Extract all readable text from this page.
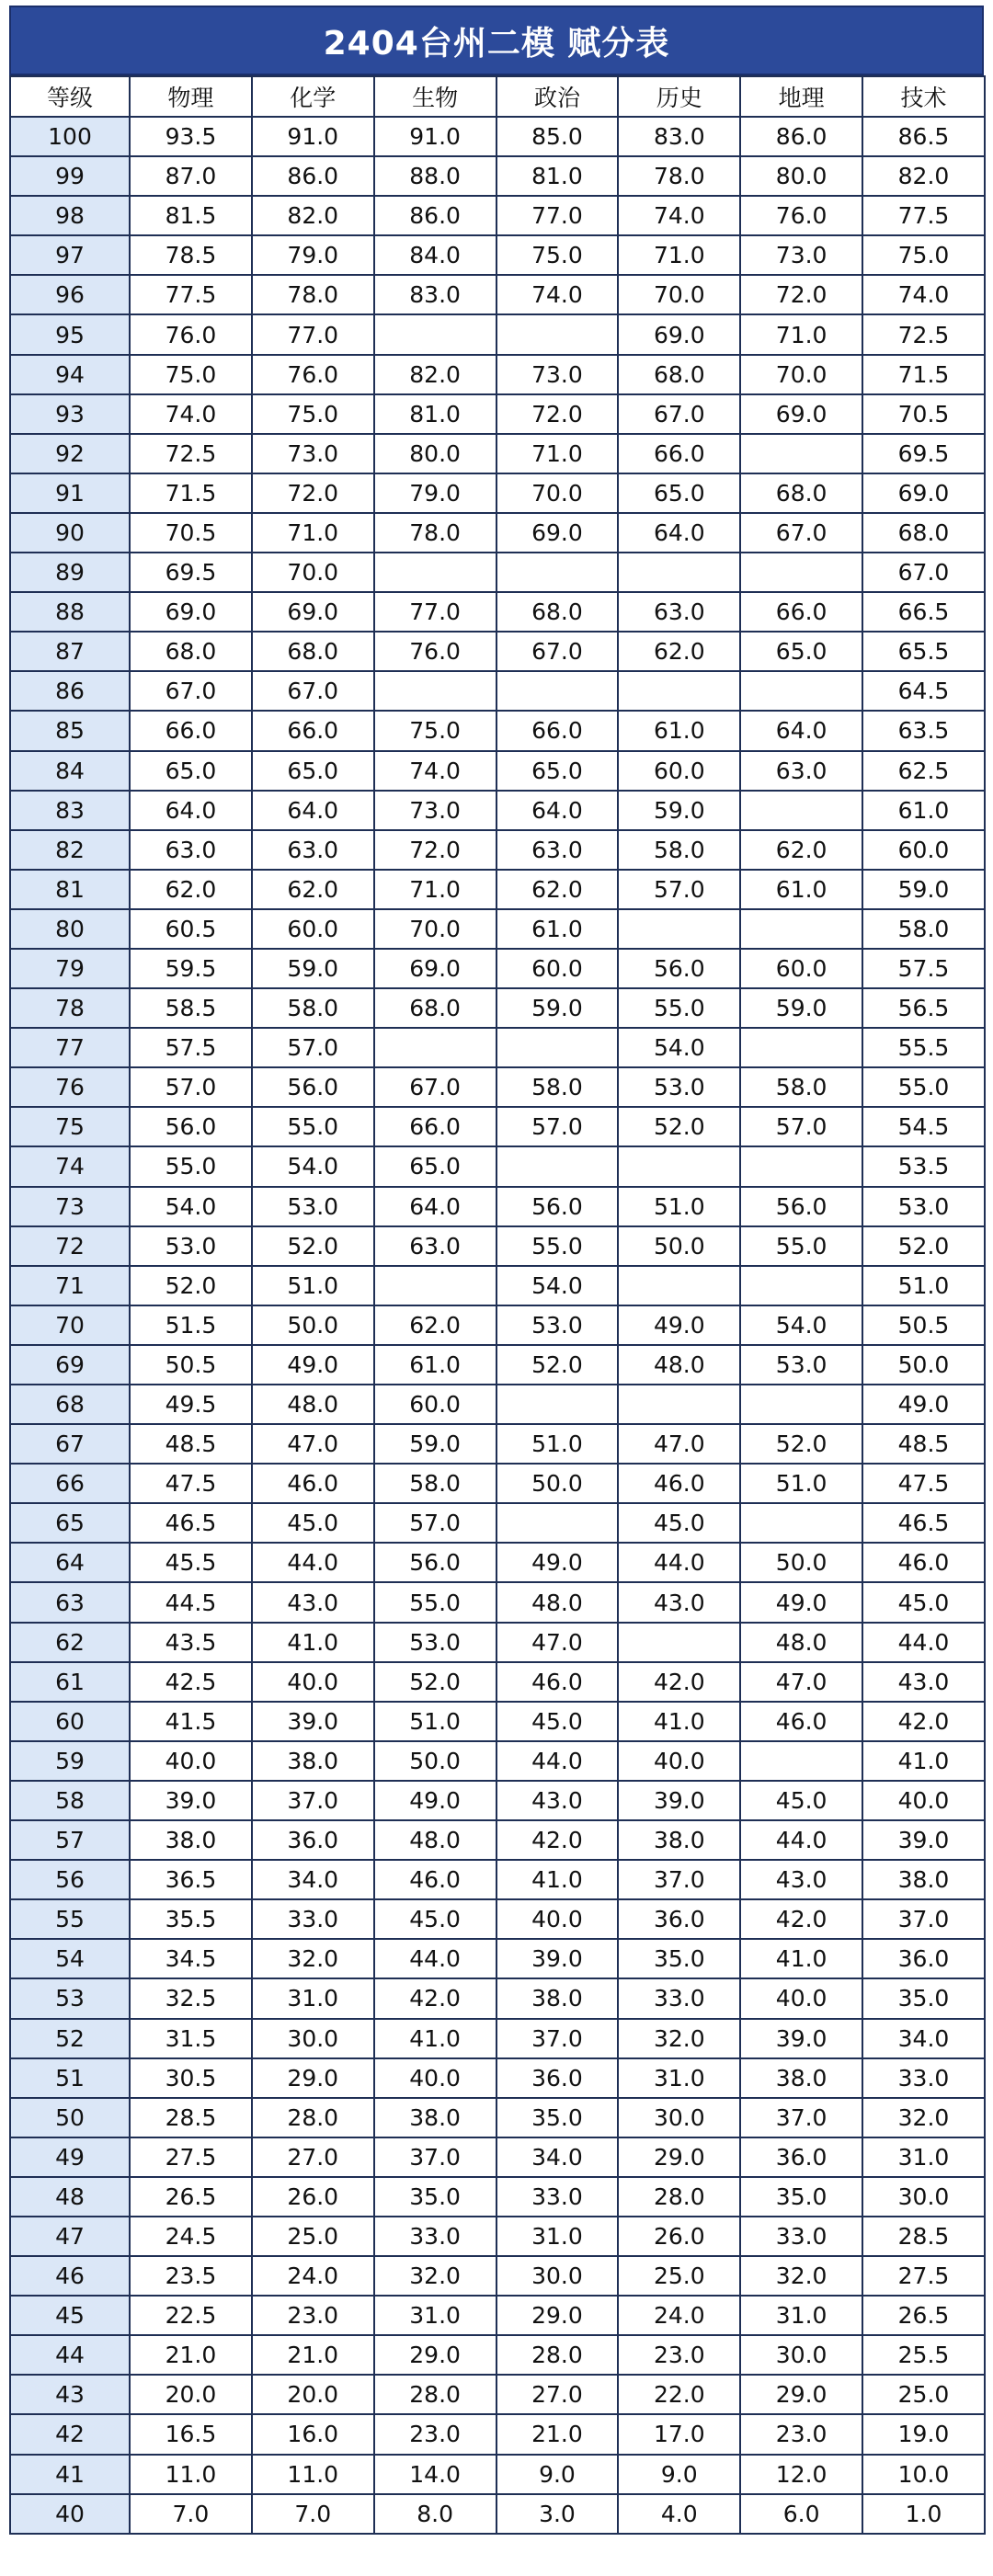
2404台州二模 赋分表
等级	物理	化学	生物	政治	历史	地理	技术
100	93.5	91.0	91.0	85.0	83.0	86.0	86.5
99	87.0	86.0	88.0	81.0	78.0	80.0	82.0
98	81.5	82.0	86.0	77.0	74.0	76.0	77.5
97	78.5	79.0	84.0	75.0	71.0	73.0	75.0
96	77.5	78.0	83.0	74.0	70.0	72.0	74.0
95	76.0	77.0			69.0	71.0	72.5
94	75.0	76.0	82.0	73.0	68.0	70.0	71.5
93	74.0	75.0	81.0	72.0	67.0	69.0	70.5
92	72.5	73.0	80.0	71.0	66.0		69.5
91	71.5	72.0	79.0	70.0	65.0	68.0	69.0
90	70.5	71.0	78.0	69.0	64.0	67.0	68.0
89	69.5	70.0					67.0
88	69.0	69.0	77.0	68.0	63.0	66.0	66.5
87	68.0	68.0	76.0	67.0	62.0	65.0	65.5
86	67.0	67.0					64.5
85	66.0	66.0	75.0	66.0	61.0	64.0	63.5
84	65.0	65.0	74.0	65.0	60.0	63.0	62.5
83	64.0	64.0	73.0	64.0	59.0		61.0
82	63.0	63.0	72.0	63.0	58.0	62.0	60.0
81	62.0	62.0	71.0	62.0	57.0	61.0	59.0
80	60.5	60.0	70.0	61.0			58.0
79	59.5	59.0	69.0	60.0	56.0	60.0	57.5
78	58.5	58.0	68.0	59.0	55.0	59.0	56.5
77	57.5	57.0			54.0		55.5
76	57.0	56.0	67.0	58.0	53.0	58.0	55.0
75	56.0	55.0	66.0	57.0	52.0	57.0	54.5
74	55.0	54.0	65.0				53.5
73	54.0	53.0	64.0	56.0	51.0	56.0	53.0
72	53.0	52.0	63.0	55.0	50.0	55.0	52.0
71	52.0	51.0		54.0			51.0
70	51.5	50.0	62.0	53.0	49.0	54.0	50.5
69	50.5	49.0	61.0	52.0	48.0	53.0	50.0
68	49.5	48.0	60.0				49.0
67	48.5	47.0	59.0	51.0	47.0	52.0	48.5
66	47.5	46.0	58.0	50.0	46.0	51.0	47.5
65	46.5	45.0	57.0		45.0		46.5
64	45.5	44.0	56.0	49.0	44.0	50.0	46.0
63	44.5	43.0	55.0	48.0	43.0	49.0	45.0
62	43.5	41.0	53.0	47.0		48.0	44.0
61	42.5	40.0	52.0	46.0	42.0	47.0	43.0
60	41.5	39.0	51.0	45.0	41.0	46.0	42.0
59	40.0	38.0	50.0	44.0	40.0		41.0
58	39.0	37.0	49.0	43.0	39.0	45.0	40.0
57	38.0	36.0	48.0	42.0	38.0	44.0	39.0
56	36.5	34.0	46.0	41.0	37.0	43.0	38.0
55	35.5	33.0	45.0	40.0	36.0	42.0	37.0
54	34.5	32.0	44.0	39.0	35.0	41.0	36.0
53	32.5	31.0	42.0	38.0	33.0	40.0	35.0
52	31.5	30.0	41.0	37.0	32.0	39.0	34.0
51	30.5	29.0	40.0	36.0	31.0	38.0	33.0
50	28.5	28.0	38.0	35.0	30.0	37.0	32.0
49	27.5	27.0	37.0	34.0	29.0	36.0	31.0
48	26.5	26.0	35.0	33.0	28.0	35.0	30.0
47	24.5	25.0	33.0	31.0	26.0	33.0	28.5
46	23.5	24.0	32.0	30.0	25.0	32.0	27.5
45	22.5	23.0	31.0	29.0	24.0	31.0	26.5
44	21.0	21.0	29.0	28.0	23.0	30.0	25.5
43	20.0	20.0	28.0	27.0	22.0	29.0	25.0
42	16.5	16.0	23.0	21.0	17.0	23.0	19.0
41	11.0	11.0	14.0	9.0	9.0	12.0	10.0
40	7.0	7.0	8.0	3.0	4.0	6.0	1.0
